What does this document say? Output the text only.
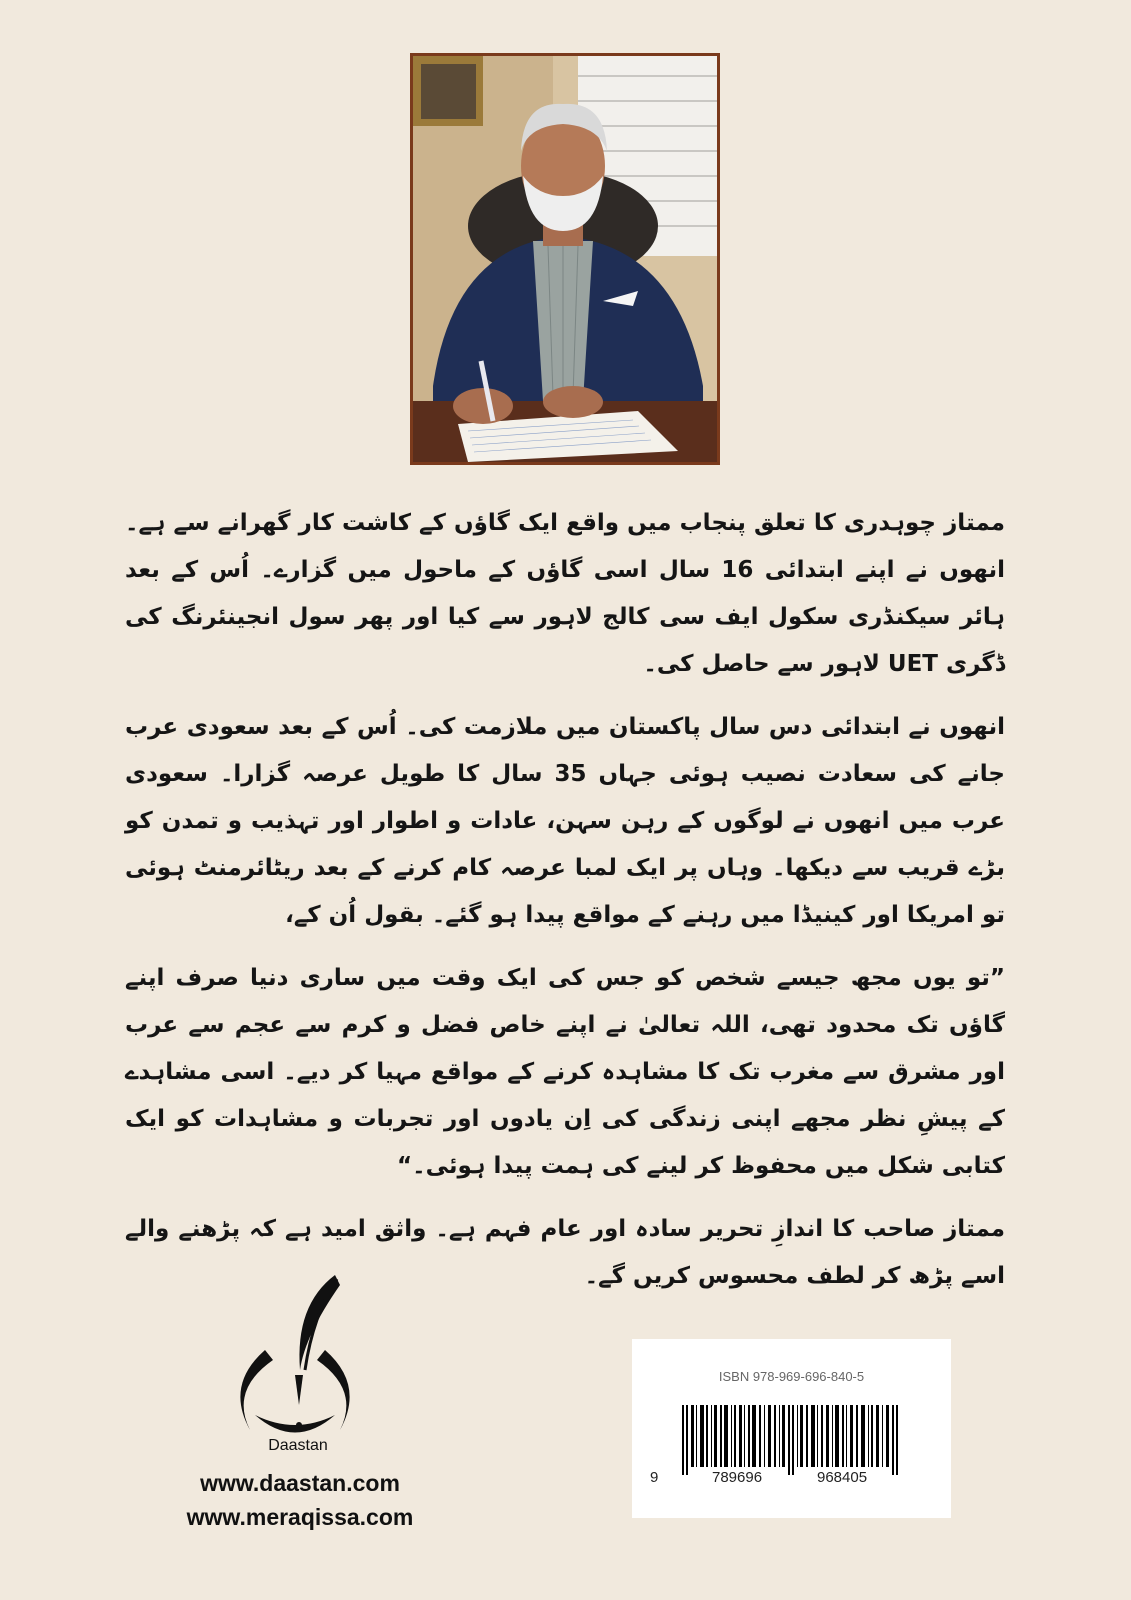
ممتاز چوہدری کا تعلق پنجاب میں واقع ایک گاؤں کے کاشت کار گھرانے سے ہے۔ انھوں نے اپنے ابتدائی 16 سال اسی گاؤں کے ماحول میں گزارے۔ اُس کے بعد ہائر سیکنڈری سکول ایف سی کالج لاہور سے کیا اور پھر سول انجینئرنگ کی ڈگری UET لاہور سے حاصل کی۔

انھوں نے ابتدائی دس سال پاکستان میں ملازمت کی۔ اُس کے بعد سعودی عرب جانے کی سعادت نصیب ہوئی جہاں 35 سال کا طویل عرصہ گزارا۔ سعودی عرب میں انھوں نے لوگوں کے رہن سہن، عادات و اطوار اور تہذیب و تمدن کو بڑے قریب سے دیکھا۔ وہاں پر ایک لمبا عرصہ کام کرنے کے بعد ریٹائرمنٹ ہوئی تو امریکا اور کینیڈا میں رہنے کے مواقع پیدا ہو گئے۔ بقول اُن کے،

”تو یوں مجھ جیسے شخص کو جس کی ایک وقت میں ساری دنیا صرف اپنے گاؤں تک محدود تھی، اللہ تعالیٰ نے اپنے خاص فضل و کرم سے عجم سے عرب اور مشرق سے مغرب تک کا مشاہدہ کرنے کے مواقع مہیا کر دیے۔ اسی مشاہدے کے پیشِ نظر مجھے اپنی زندگی کی اِن یادوں اور تجربات و مشاہدات کو ایک کتابی شکل میں محفوظ کر لینے کی ہمت پیدا ہوئی۔“

ممتاز صاحب کا اندازِ تحریر سادہ اور عام فہم ہے۔ واثق امید ہے کہ پڑھنے والے اسے پڑھ کر لطف محسوس کریں گے۔

Daastan
www.daastan.com
www.meraqissa.com
ISBN 978-969-696-840-5
9	789696	968405
